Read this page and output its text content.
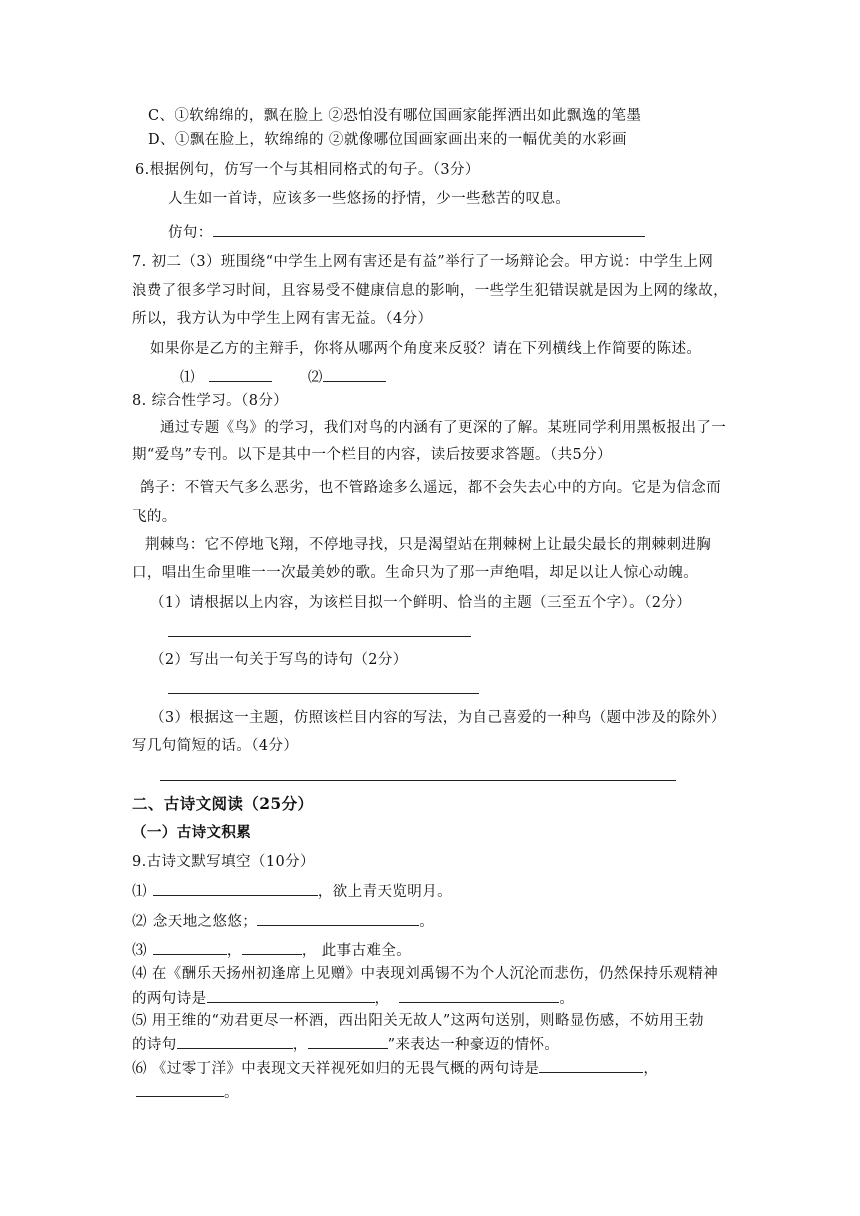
C、①软绵绵的，飘在脸上 ②恐怕没有哪位国画家能挥洒出如此飘逸的笔墨
D、①飘在脸上，软绵绵的 ②就像哪位国画家画出来的一幅优美的水彩画
6.根据例句，仿写一个与其相同格式的句子。（3分）
人生如一首诗，应该多一些悠扬的抒情，少一些愁苦的叹息。
仿句：
7. 初二（3）班围绕“中学生上网有害还是有益”举行了一场辩论会。甲方说：中学生上网
浪费了很多学习时间，且容易受不健康信息的影响，一些学生犯错误就是因为上网的缘故，
所以，我方认为中学生上网有害无益。（4分）
如果你是乙方的主辩手，你将从哪两个角度来反驳？请在下列横线上作简要的陈述。
⑴	⑵
8. 综合性学习。（8分）
通过专题《鸟》的学习，我们对鸟的内涵有了更深的了解。某班同学利用黑板报出了一
期“爱鸟”专刊。以下是其中一个栏目的内容，读后按要求答题。（共5分）
鸽子：不管天气多么恶劣，也不管路途多么遥远，都不会失去心中的方向。它是为信念而
飞的。
荆棘鸟：它不停地飞翔，不停地寻找，只是渴望站在荆棘树上让最尖最长的荆棘刺进胸
口，唱出生命里唯一一次最美妙的歌。生命只为了那一声绝唱，却足以让人惊心动魄。
（1）请根据以上内容，为该栏目拟一个鲜明、恰当的主题（三至五个字）。（2分）
（2）写出一句关于写鸟的诗句（2分）
（3）根据这一主题，仿照该栏目内容的写法，为自己喜爱的一种鸟（题中涉及的除外）
写几句简短的话。（4分）
二、古诗文阅读（25分）
（一）古诗文积累
9.古诗文默写填空（10分）
⑴	，欲上青天览明月。
⑵ 念天地之悠悠；	。
⑶	，	， 此事古难全。
⑷ 在《酬乐天扬州初逢席上见赠》中表现刘禹锡不为个人沉沦而悲伤，仍然保持乐观精神
的两句诗是	，	。
⑸ 用王维的“劝君更尽一杯酒，西出阳关无故人”这两句送别，则略显伤感，不妨用王勃
的诗句	，	”来表达一种豪迈的情怀。
⑹ 《过零丁洋》中表现文天祥视死如归的无畏气概的两句诗是	，
。
